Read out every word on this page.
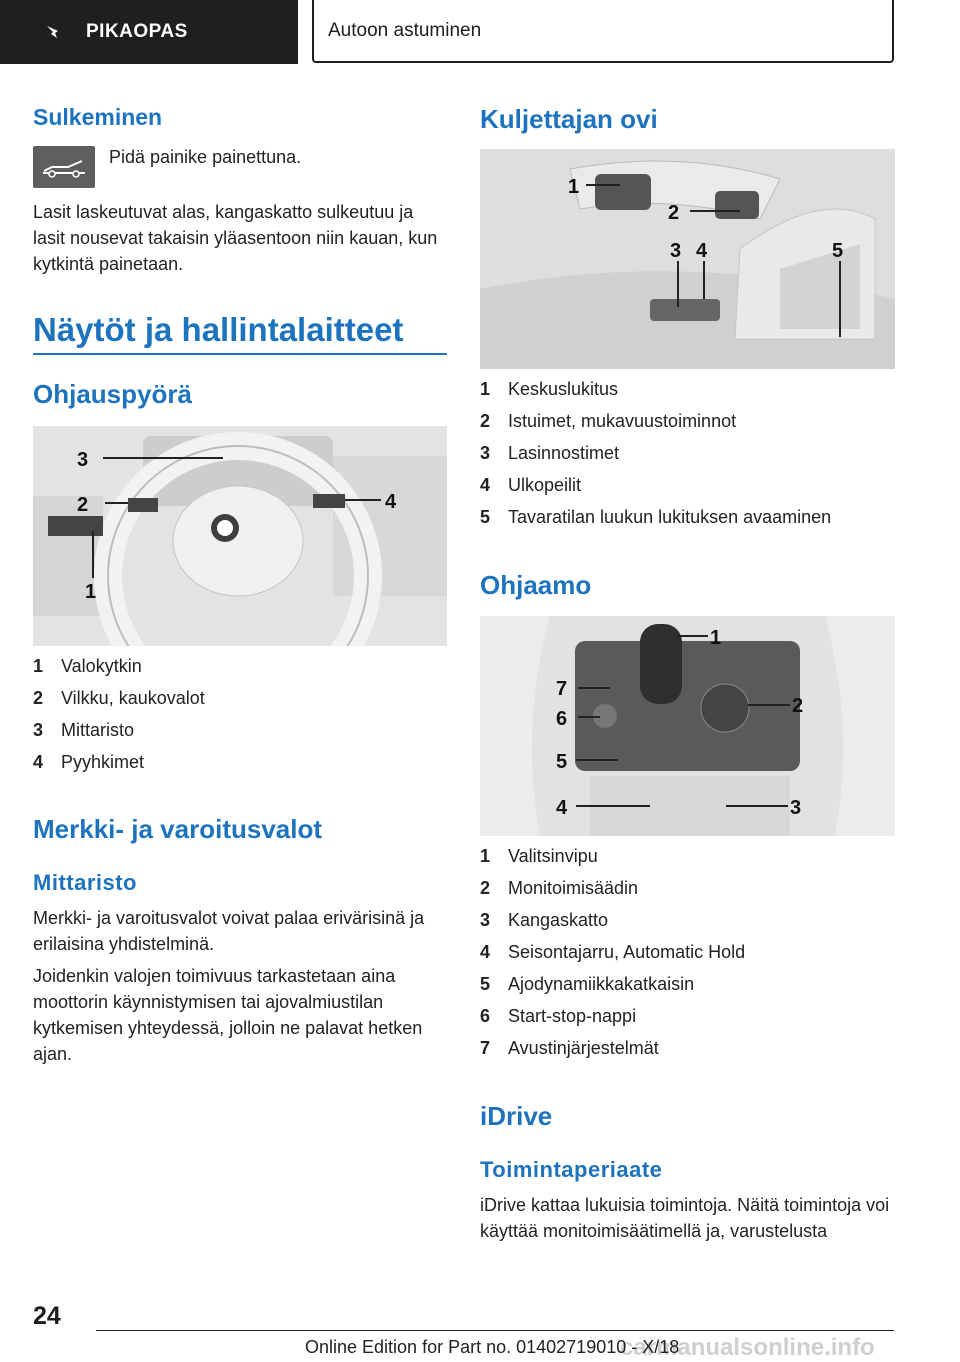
PIKAOPAS	Autoon astuminen
Sulkeminen
Pidä painike painettuna.

Lasit laskeutuvat alas, kangaskatto sulkeutuu ja lasit nousevat takaisin yläasentoon niin kauan, kun kytkintä painetaan.

Näytöt ja hallintalaitteet
Ohjauspyörä
3
2	4
1
1 Valokytkin
2 Vilkku, kaukovalot
3 Mittaristo
4 Pyyhkimet
Merkki- ja varoitusvalot
Mittaristo

Merkki- ja varoitusvalot voivat palaa erivärisinä ja erilaisina yhdistelminä.

Joidenkin valojen toimivuus tarkastetaan aina moottorin käynnistymisen tai ajovalmiustilan kytkemisen yhteydessä, jolloin ne palavat hetken ajan.

Kuljettajan ovi
1
2
3 4	5
1 Keskuslukitus
2 Istuimet, mukavuustoiminnot
3 Lasinnostimet
4 Ulkopeilit
5 Tavaratilan luukun lukituksen avaaminen
Ohjaamo
1
7
6
2
5
4	3
1 Valitsinvipu
2 Monitoimisäädin
3 Kangaskatto
4 Seisontajarru, Automatic Hold
5 Ajodynamiikkakatkaisin
6 Start-stop-nappi
7 Avustinjärjestelmät
iDrive
Toimintaperiaate

iDrive kattaa lukuisia toimintoja. Näitä toimintoja voi käyttää monitoimisäätimellä ja, varustelusta

24
carmanualsonline.info
Online Edition for Part no. 01402719010 - X/18
